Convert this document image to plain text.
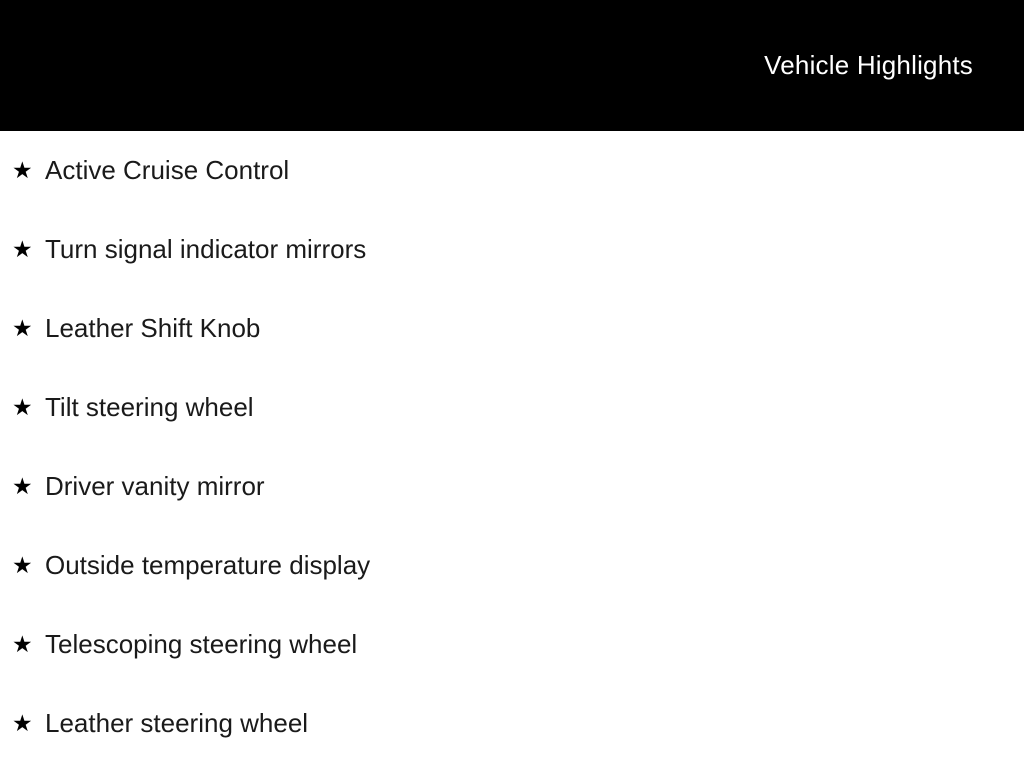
Vehicle Highlights
★ Active Cruise Control
★ Turn signal indicator mirrors
★ Leather Shift Knob
★ Tilt steering wheel
★ Driver vanity mirror
★ Outside temperature display
★ Telescoping steering wheel
★ Leather steering wheel
